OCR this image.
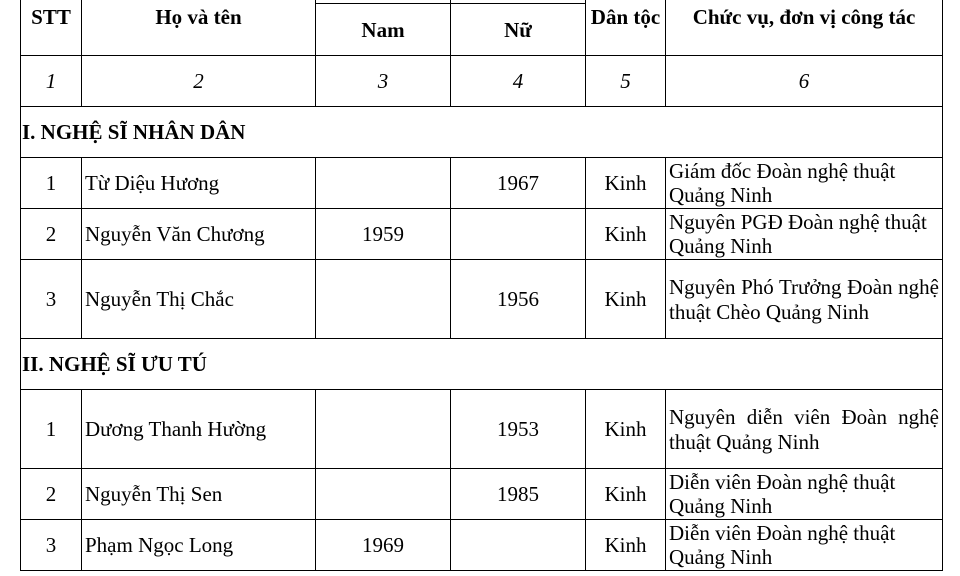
STT	Họ và tên			Dân tộc	Chức vụ, đơn vị công tác
		Nam	Nữ		
1	2	3	4	5	6
I. NGHỆ SĨ NHÂN DÂN					
1	Từ Diệu Hương		1967	Kinh	Giám đốc Đoàn nghệ thuật Quảng Ninh
2	Nguyễn Văn Chương	1959		Kinh	Nguyên PGĐ Đoàn nghệ thuật Quảng Ninh
3	Nguyễn Thị Chắc		1956	Kinh	Nguyên Phó Trưởng Đoàn nghệ thuật Chèo Quảng Ninh
II. NGHỆ SĨ ƯU TÚ					
1	Dương Thanh Hường		1953	Kinh	Nguyên diễn viên Đoàn nghệ thuật Quảng Ninh
2	Nguyễn Thị Sen		1985	Kinh	Diễn viên Đoàn nghệ thuật Quảng Ninh
3	Phạm Ngọc Long	1969		Kinh	Diễn viên Đoàn nghệ thuật Quảng Ninh
